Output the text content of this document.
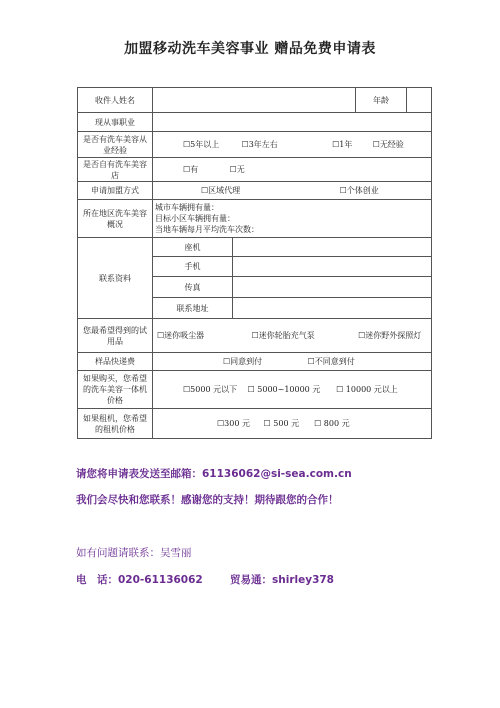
加盟移动洗车美容事业 赠品免费申请表
收件人姓名			年龄

现从事职业			
是否有洗车美容从业经验	☐5年以上 ☐3年左右 ☐1年 ☐无经验		
是否自有洗车美容店	☐有 ☐无		
申请加盟方式	☐区域代理 ☐个体创业		
所在地区洗车美容概况	城市车辆拥有量：
目标小区车辆拥有量：
当地车辆每月平均洗车次数：		

联系资料	座机		
	手机		
	传真		
	联系地址		
您最希望得到的试用品	☐迷你吸尘器 ☐迷你轮胎充气泵 ☐迷你野外探照灯		
样品快递费	☐同意到付 ☐不同意到付		
如果购买，您希望的洗车美容一体机价格	☐5000 元以下 ☐ 5000~10000 元 ☐ 10000 元以上		
如果租机，您希望的租机价格	☐300 元 ☐ 500 元 ☐ 800 元		
请您将申请表发送至邮箱：61136062@si-sea.com.cn
我们会尽快和您联系！感谢您的支持！期待跟您的合作！
如有问题请联系：吴雪丽
电　话：020-61136062	贸易通：shirley378
